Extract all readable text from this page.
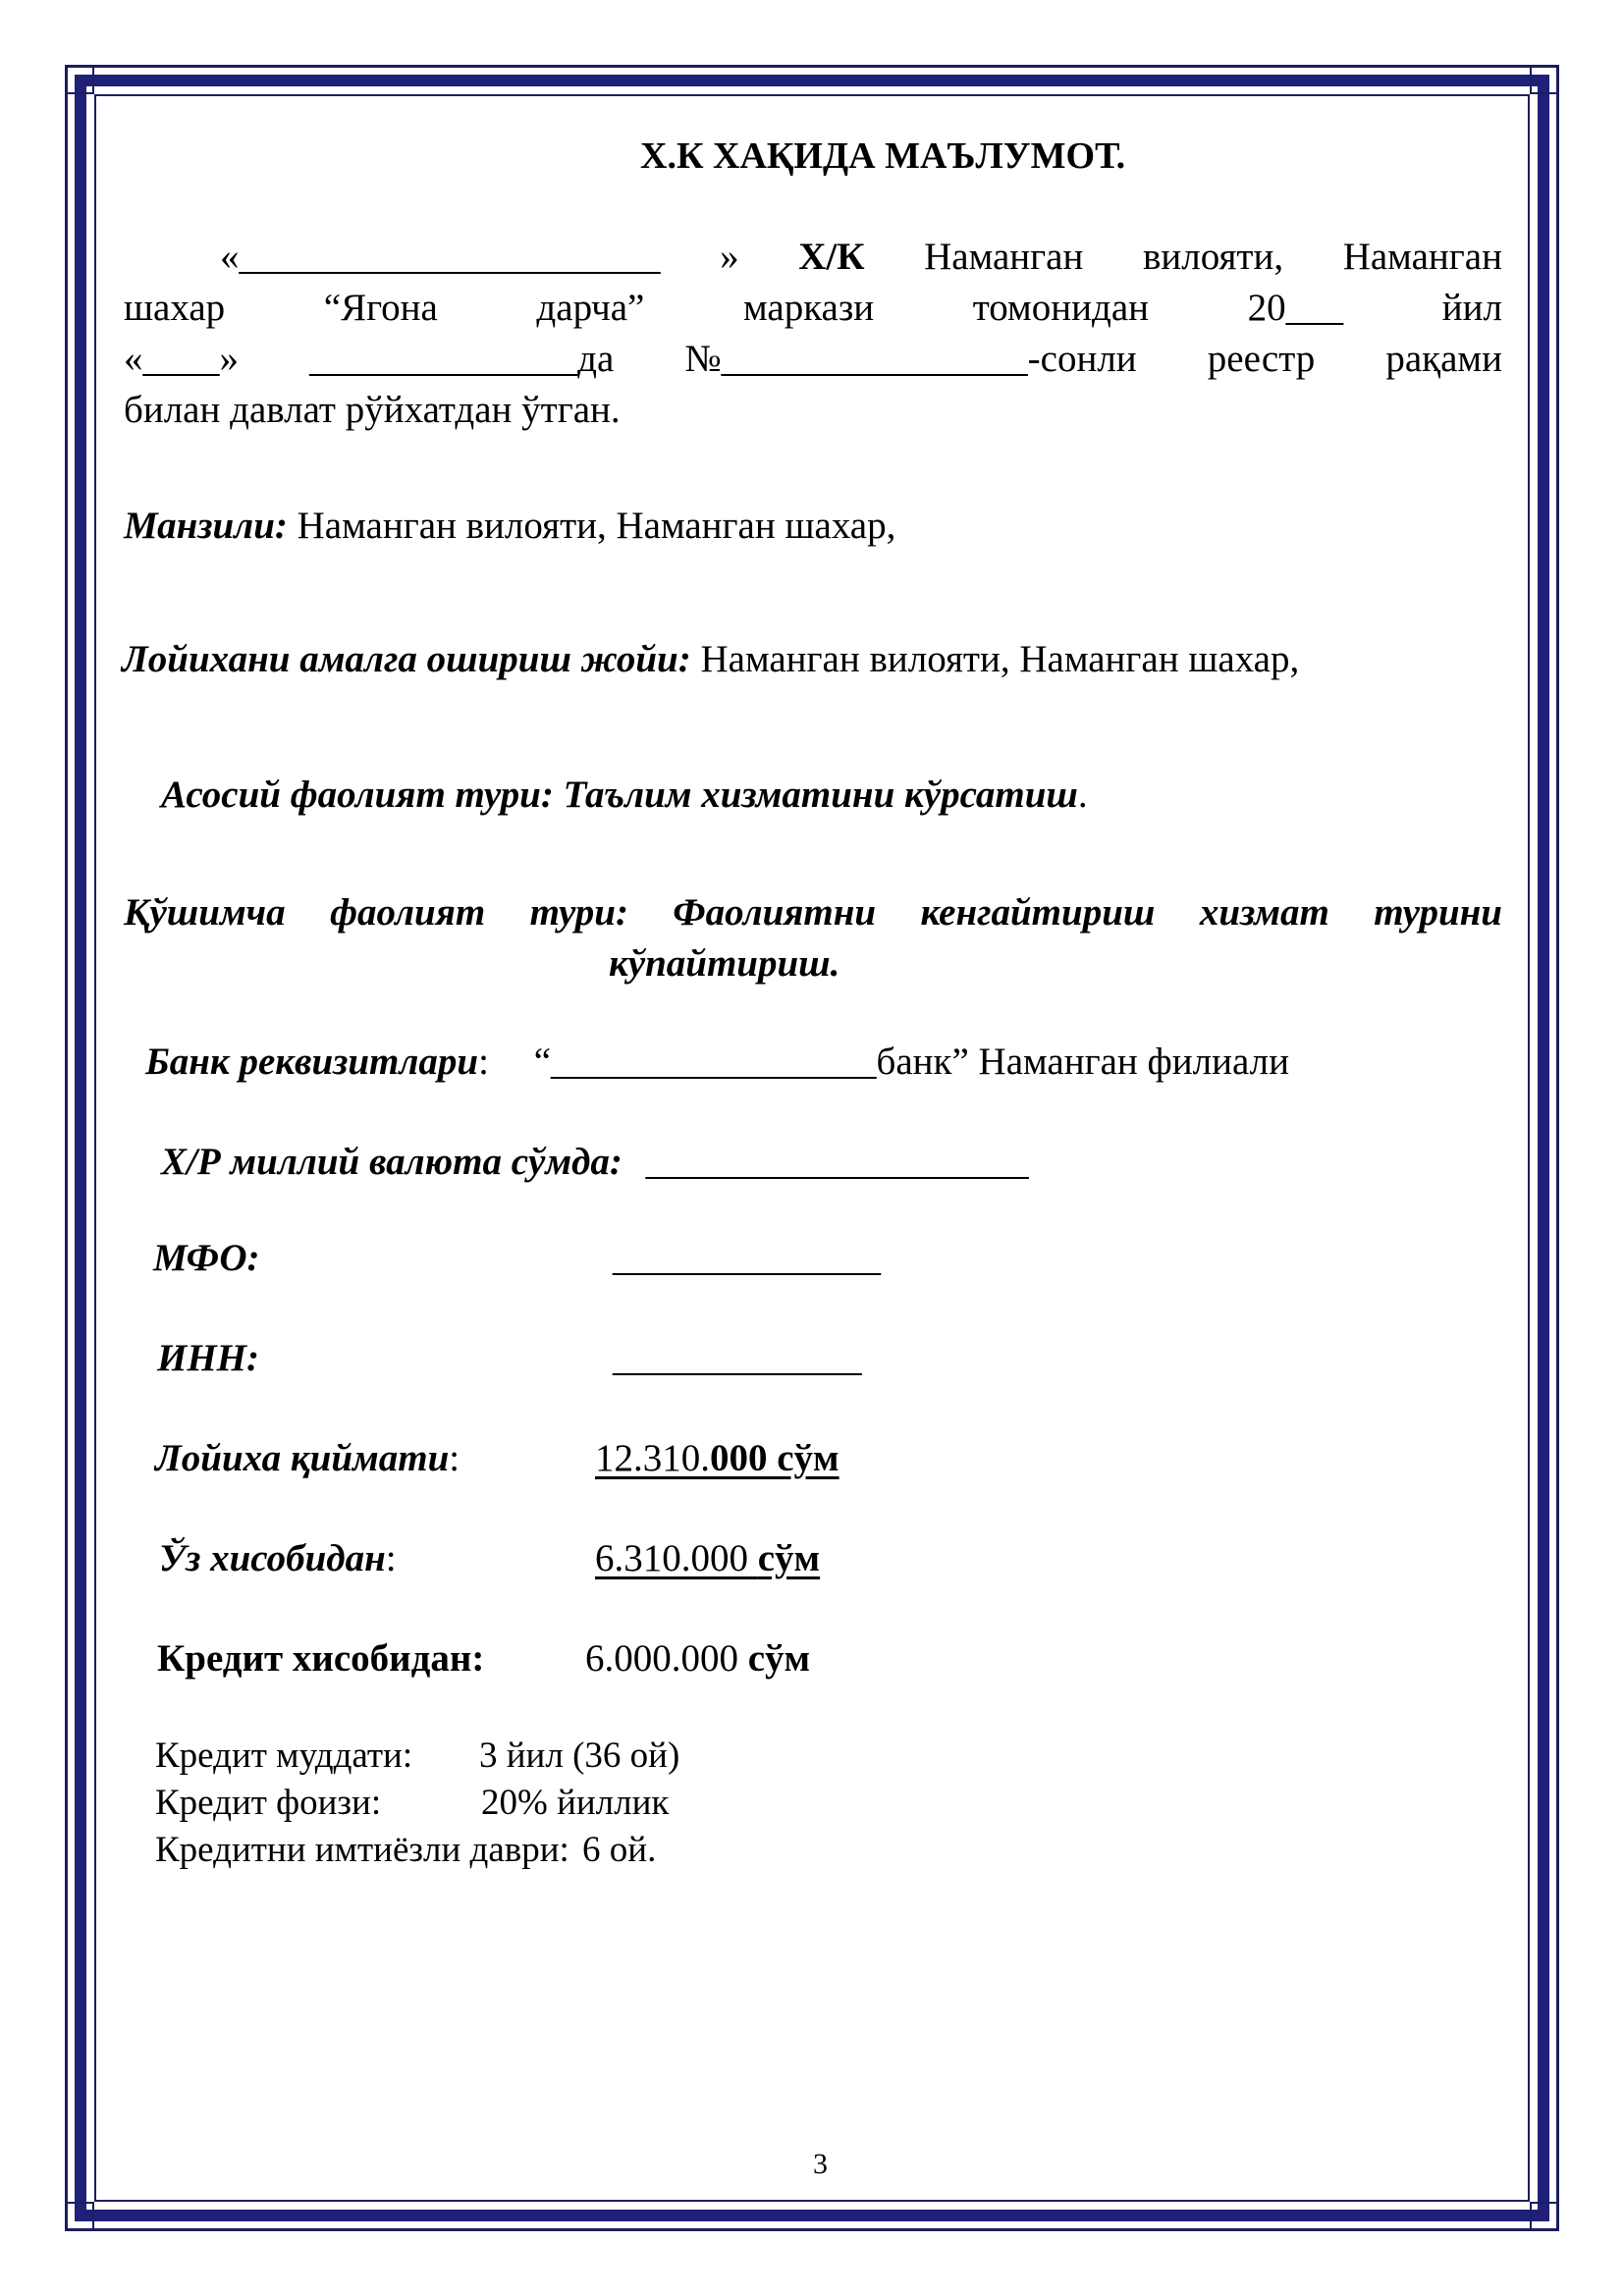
Х.К ХАҚИДА МАЪЛУМОТ.
«______________________ » Х/К Наманган вилояти, Наманган
шахар	“Ягона	дарча”	маркази	томонидан	20___	йил
«____» ______________да №________________-сонли реестр рақами
билан давлат рўйхатдан ўтган.
Манзили: Наманган вилояти, Наманган шахар,
Лойихани амалга ошириш жойи: Наманган вилояти, Наманган шахар,
Асосий фаолият тури: Таълим хизматини кўрсатиш.
Қўшимча фаолият тури: Фаолиятни кенгайтириш хизмат турини
кўпайтириш.
Банк реквизитлари: “_________________банк” Наманган филиали
Х/Р миллий валюта сўмда: ____________________
МФО:	______________
ИНН:	_____________
Лойиха қиймати:	12.310.000 сўм
Ўз хисобидан:	6.310.000 сўм
Кредит хисобидан:	6.000.000 сўм
Кредит муддати: 3 йил (36 ой)
Кредит фоизи:	20% йиллик
Кредитни имтиёзли даври: 6 ой.
3
